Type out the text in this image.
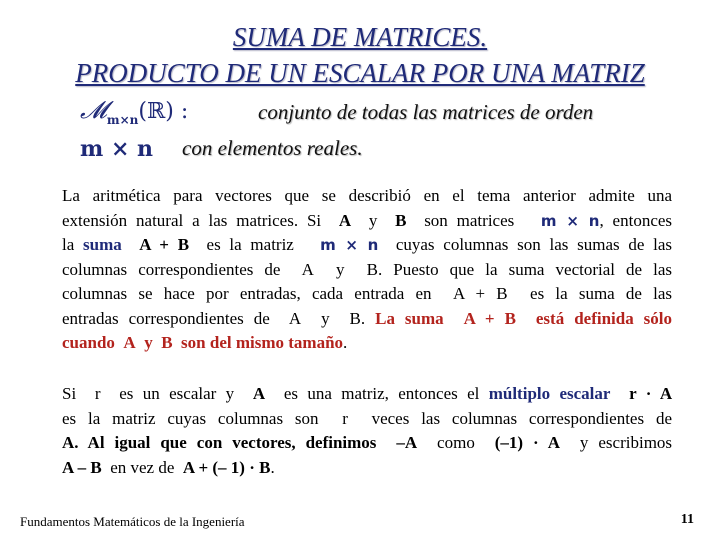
SUMA DE MATRICES.
PRODUCTO DE UN ESCALAR POR UNA MATRIZ
𝓜$_{m\times n}$(ℝ) :	conjunto de todas las matrices de orden
m × n con elementos reales.
La aritmética para vectores que se describió en el tema anterior admite una
extensión natural a las matrices. Si A y B son matrices m × n, entonces
la suma A + B es la matriz m × n cuyas columnas son las sumas de las
columnas correspondientes de A y B. Puesto que la suma vectorial de las
columnas se hace por entradas, cada entrada en A + B es la suma de las
entradas correspondientes de A y B. La suma A + B está definida sólo
cuando A y B son del mismo tamaño.
Si r es un escalar y A es una matriz, entonces el múltiplo escalar r · A
es la matriz cuyas columnas son r veces las columnas correspondientes de
A. Al igual que con vectores, definimos –A como (–1) · A y escribimos
A – B en vez de A + (– 1) · B.
Fundamentos Matemáticos de la Ingeniería	11
